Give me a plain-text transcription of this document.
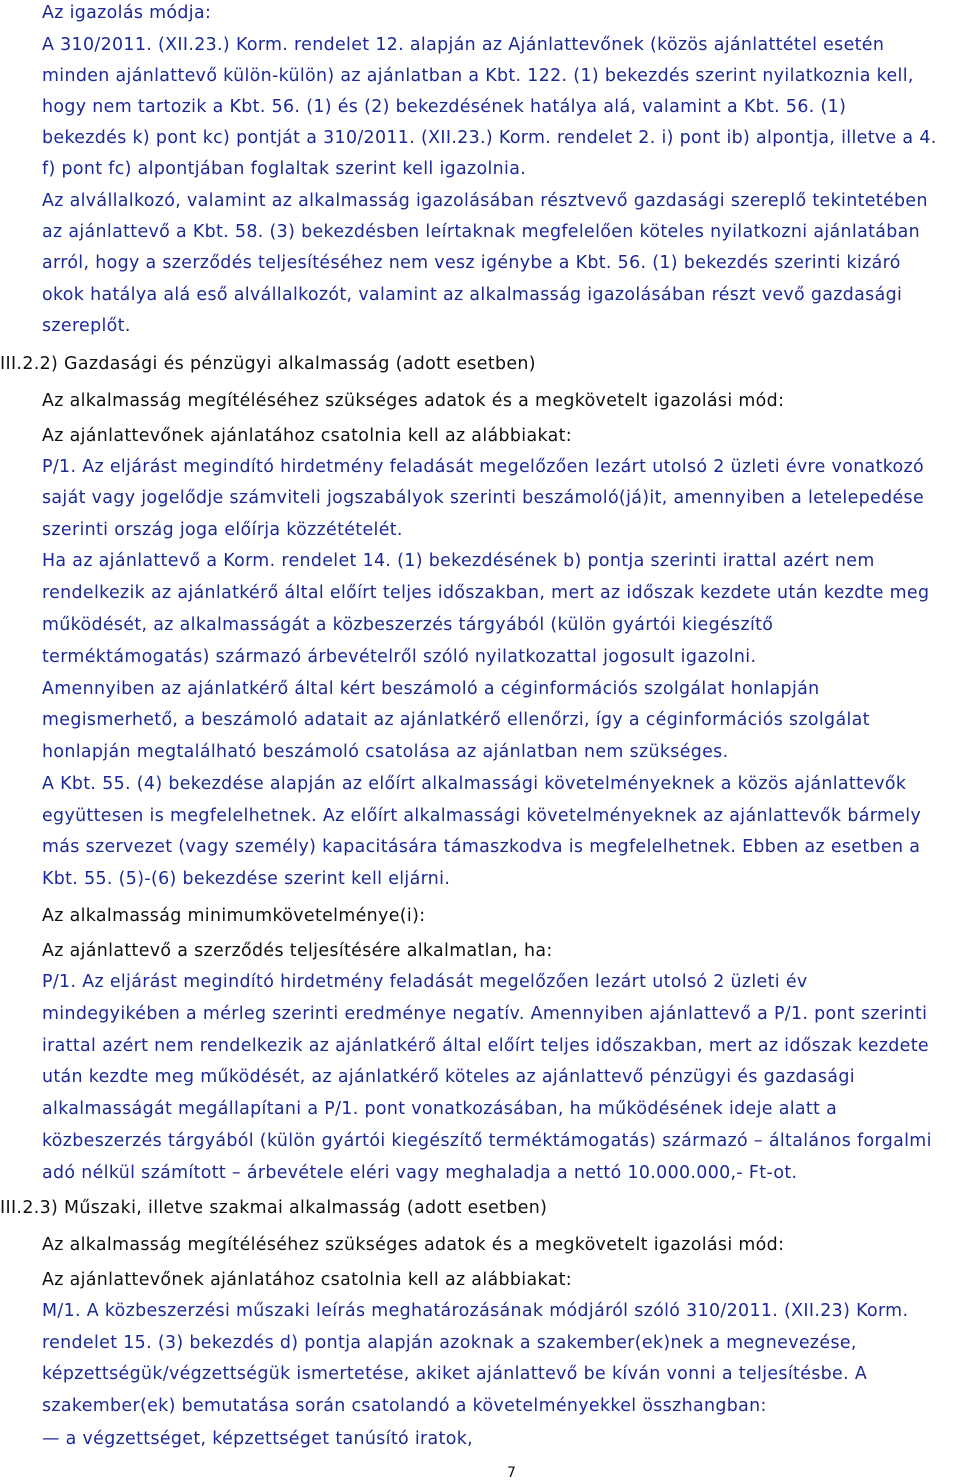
Az igazolás módja:
A 310/2011. (XII.23.) Korm. rendelet 12. alapján az Ajánlattevőnek (közös ajánlattétel esetén
minden ajánlattevő külön-külön) az ajánlatban a Kbt. 122. (1) bekezdés szerint nyilatkoznia kell,
hogy nem tartozik a Kbt. 56. (1) és (2) bekezdésének hatálya alá, valamint a Kbt. 56. (1)
bekezdés k) pont kc) pontját a 310/2011. (XII.23.) Korm. rendelet 2. i) pont ib) alpontja, illetve a 4.
f) pont fc) alpontjában foglaltak szerint kell igazolnia.
Az alvállalkozó, valamint az alkalmasság igazolásában résztvevő gazdasági szereplő tekintetében
az ajánlattevő a Kbt. 58. (3) bekezdésben leírtaknak megfelelően köteles nyilatkozni ajánlatában
arról, hogy a szerződés teljesítéséhez nem vesz igénybe a Kbt. 56. (1) bekezdés szerinti kizáró
okok hatálya alá eső alvállalkozót, valamint az alkalmasság igazolásában részt vevő gazdasági
szereplőt.
III.2.2) Gazdasági és pénzügyi alkalmasság (adott esetben)
Az alkalmasság megítéléséhez szükséges adatok és a megkövetelt igazolási mód:
Az ajánlattevőnek ajánlatához csatolnia kell az alábbiakat:
P/1. Az eljárást megindító hirdetmény feladását megelőzően lezárt utolsó 2 üzleti évre vonatkozó
saját vagy jogelődje számviteli jogszabályok szerinti beszámoló(já)it, amennyiben a letelepedése
szerinti ország joga előírja közzétételét.
Ha az ajánlattevő a Korm. rendelet 14. (1) bekezdésének b) pontja szerinti irattal azért nem
rendelkezik az ajánlatkérő által előírt teljes időszakban, mert az időszak kezdete után kezdte meg
működését, az alkalmasságát a közbeszerzés tárgyából (külön gyártói kiegészítő
terméktámogatás) származó árbevételről szóló nyilatkozattal jogosult igazolni.
Amennyiben az ajánlatkérő által kért beszámoló a céginformációs szolgálat honlapján
megismerhető, a beszámoló adatait az ajánlatkérő ellenőrzi, így a céginformációs szolgálat
honlapján megtalálható beszámoló csatolása az ajánlatban nem szükséges.
A Kbt. 55. (4) bekezdése alapján az előírt alkalmassági követelményeknek a közös ajánlattevők
együttesen is megfelelhetnek. Az előírt alkalmassági követelményeknek az ajánlattevők bármely
más szervezet (vagy személy) kapacitására támaszkodva is megfelelhetnek. Ebben az esetben a
Kbt. 55. (5)-(6) bekezdése szerint kell eljárni.
Az alkalmasság minimumkövetelménye(i):
Az ajánlattevő a szerződés teljesítésére alkalmatlan, ha:
P/1. Az eljárást megindító hirdetmény feladását megelőzően lezárt utolsó 2 üzleti év
mindegyikében a mérleg szerinti eredménye negatív. Amennyiben ajánlattevő a P/1. pont szerinti
irattal azért nem rendelkezik az ajánlatkérő által előírt teljes időszakban, mert az időszak kezdete
után kezdte meg működését, az ajánlatkérő köteles az ajánlattevő pénzügyi és gazdasági
alkalmasságát megállapítani a P/1. pont vonatkozásában, ha működésének ideje alatt a
közbeszerzés tárgyából (külön gyártói kiegészítő terméktámogatás) származó – általános forgalmi
adó nélkül számított – árbevétele eléri vagy meghaladja a nettó 10.000.000,- Ft-ot.
III.2.3) Műszaki, illetve szakmai alkalmasság (adott esetben)
Az alkalmasság megítéléséhez szükséges adatok és a megkövetelt igazolási mód:
Az ajánlattevőnek ajánlatához csatolnia kell az alábbiakat:
M/1. A közbeszerzési műszaki leírás meghatározásának módjáról szóló 310/2011. (XII.23) Korm.
rendelet 15. (3) bekezdés d) pontja alapján azoknak a szakember(ek)nek a megnevezése,
képzettségük/végzettségük ismertetése, akiket ajánlattevő be kíván vonni a teljesítésbe. A
szakember(ek) bemutatása során csatolandó a követelményekkel összhangban:
— a végzettséget, képzettséget tanúsító iratok,
7
